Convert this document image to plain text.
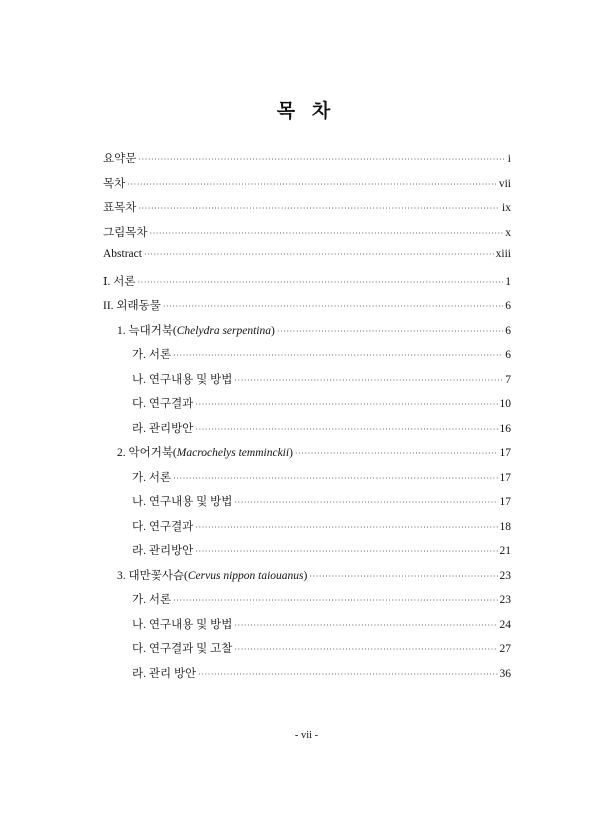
목 차
요약문 ·····	i
목차 ·····	vii
표목차 ·····	ix
그림목차 ·····	x
Abstract ·····	xiii
Ⅰ. 서론 ·····	1
II. 외래동물 ·····	6
1. 늑대거북(Chelydra serpentina) ·····	6
가. 서론 ·····	6
나. 연구내용 및 방법 ·····	7
다. 연구결과 ·····	10
라. 관리방안 ·····	16
2. 악어거북(Macrochelys temminckii) ·····	17
가. 서론 ·····	17
나. 연구내용 및 방법 ·····	17
다. 연구결과 ·····	18
라. 관리방안 ·····	21
3. 대만꽃사슴(Cervus nippon taiouanus) ·····	23
가. 서론 ·····	23
나. 연구내용 및 방법 ·····	24
다. 연구결과 및 고찰 ·····	27
라. 관리 방안 ·····	36
- vii -
